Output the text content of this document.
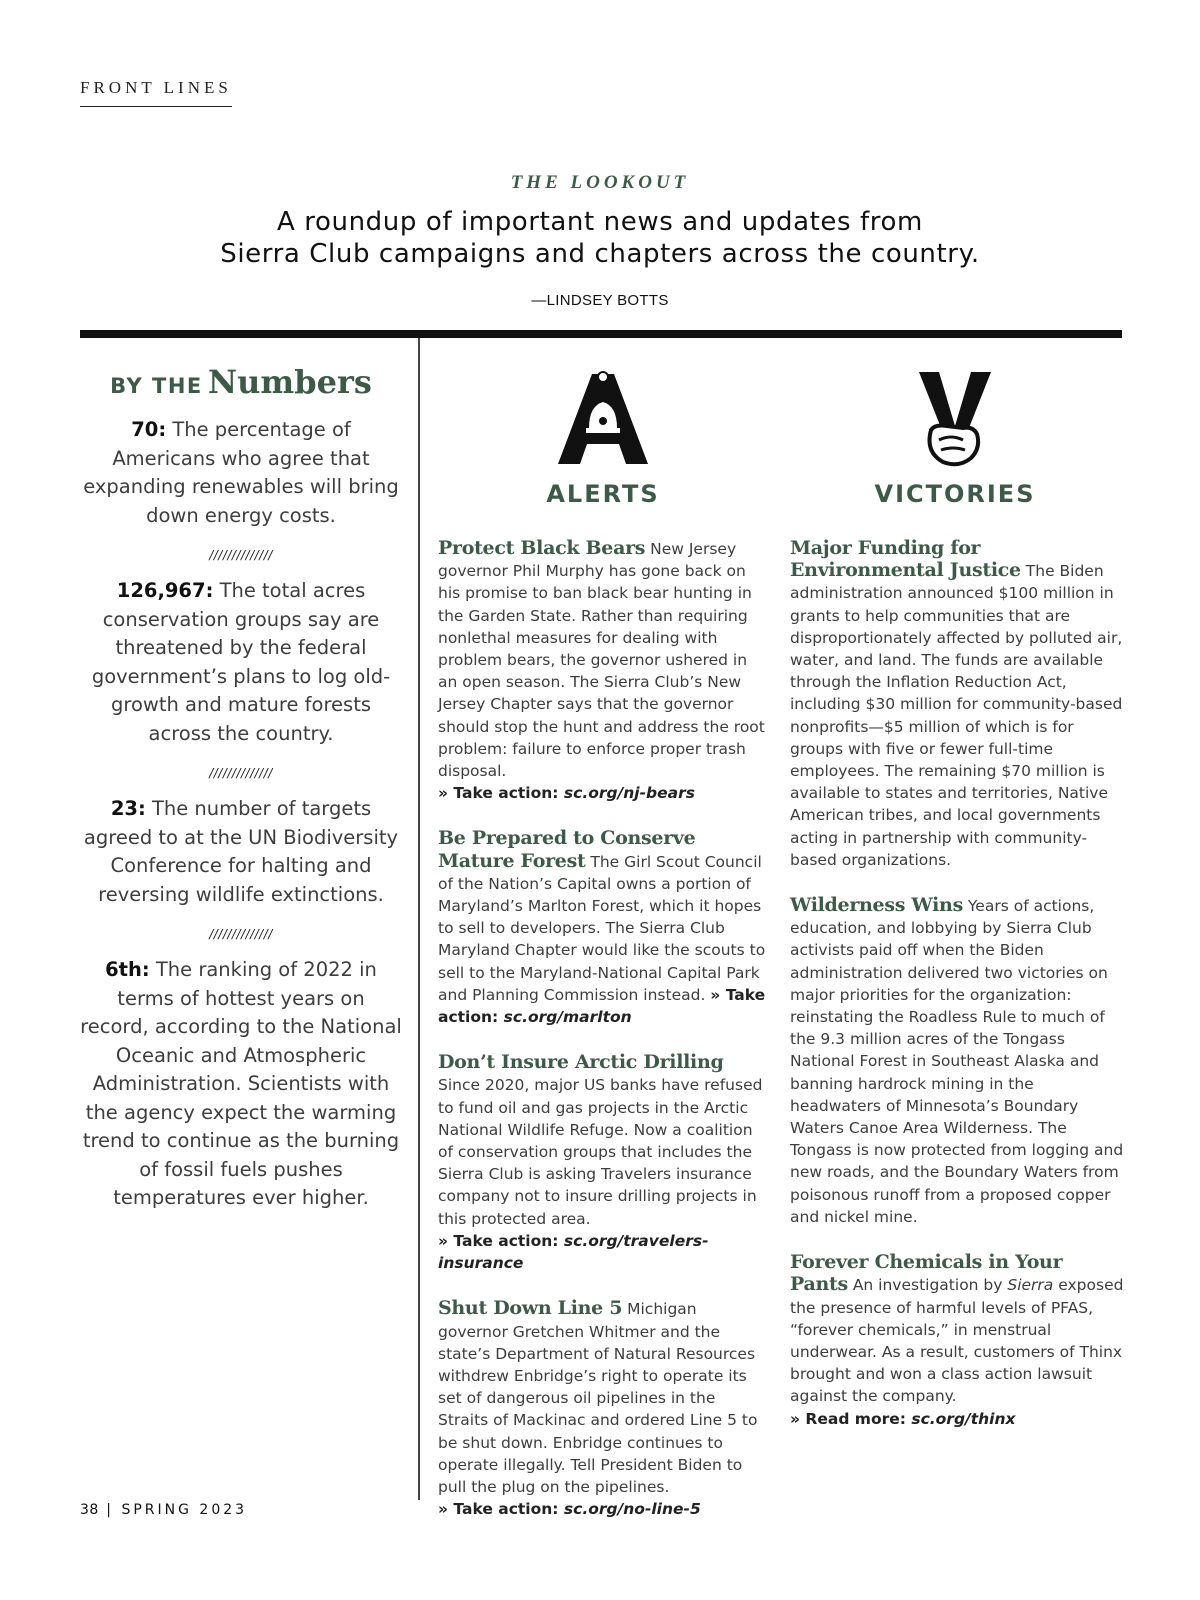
FRONT LINES
THE LOOKOUT
A roundup of important news and updates from
Sierra Club campaigns and chapters across the country.
—LINDSEY BOTTS
BY THE Numbers

70: The percentage of Americans who agree that expanding renewables will bring down energy costs.

//////////////

126,967: The total acres conservation groups say are threatened by the federal government’s plans to log old-growth and mature forests across the country.

//////////////

23: The number of targets agreed to at the UN Biodiversity Conference for halting and reversing wildlife extinctions.

//////////////

6th: The ranking of 2022 in terms of hottest years on record, according to the National Oceanic and Atmospheric Administration. Scientists with the agency expect the warming trend to continue as the burning of fossil fuels pushes temperatures ever higher.

ALERTS	VICTORIES
Protect Black Bears New Jersey governor Phil Murphy has gone back on his promise to ban black bear hunting in the Garden State. Rather than requiring nonlethal measures for dealing with problem bears, the governor ushered in an open season. The Sierra Club’s New Jersey Chapter says that the governor should stop the hunt and address the root problem: failure to enforce proper trash disposal.
» Take action: sc.org/nj-bears
Be Prepared to Conserve Mature Forest The Girl Scout Council of the Nation’s Capital owns a portion of Maryland’s Marlton Forest, which it hopes to sell to developers. The Sierra Club Maryland Chapter would like the scouts to sell to the Maryland-National Capital Park and Planning Commission instead. » Take action: sc.org/marlton
Don’t Insure Arctic Drilling Since 2020, major US banks have refused to fund oil and gas projects in the Arctic National Wildlife Refuge. Now a coalition of conservation groups that includes the Sierra Club is asking Travelers insurance company not to insure drilling projects in this protected area.
» Take action: sc.org/travelers-insurance
Shut Down Line 5 Michigan governor Gretchen Whitmer and the state’s Department of Natural Resources withdrew Enbridge’s right to operate its set of dangerous oil pipelines in the Straits of Mackinac and ordered Line 5 to be shut down. Enbridge continues to operate illegally. Tell President Biden to pull the plug on the pipelines.
» Take action: sc.org/no-line-5
Major Funding for Environmental Justice The Biden administration announced $100 million in grants to help communities that are disproportionately affected by polluted air, water, and land. The funds are available through the Inflation Reduction Act, including $30 million for community-based nonprofits—$5 million of which is for groups with five or fewer full-time employees. The remaining $70 million is available to states and territories, Native American tribes, and local governments acting in partnership with community-based organizations.
Wilderness Wins Years of actions, education, and lobbying by Sierra Club activists paid off when the Biden administration delivered two victories on major priorities for the organization: reinstating the Roadless Rule to much of the 9.3 million acres of the Tongass National Forest in Southeast Alaska and banning hardrock mining in the headwaters of Minnesota’s Boundary Waters Canoe Area Wilderness. The Tongass is now protected from logging and new roads, and the Boundary Waters from poisonous runoff from a proposed copper and nickel mine.
Forever Chemicals in Your Pants An investigation by Sierra exposed the presence of harmful levels of PFAS, “forever chemicals,” in menstrual underwear. As a result, customers of Thinx brought and won a class action lawsuit against the company.
» Read more: sc.org/thinx
38 | SPRING 2023
